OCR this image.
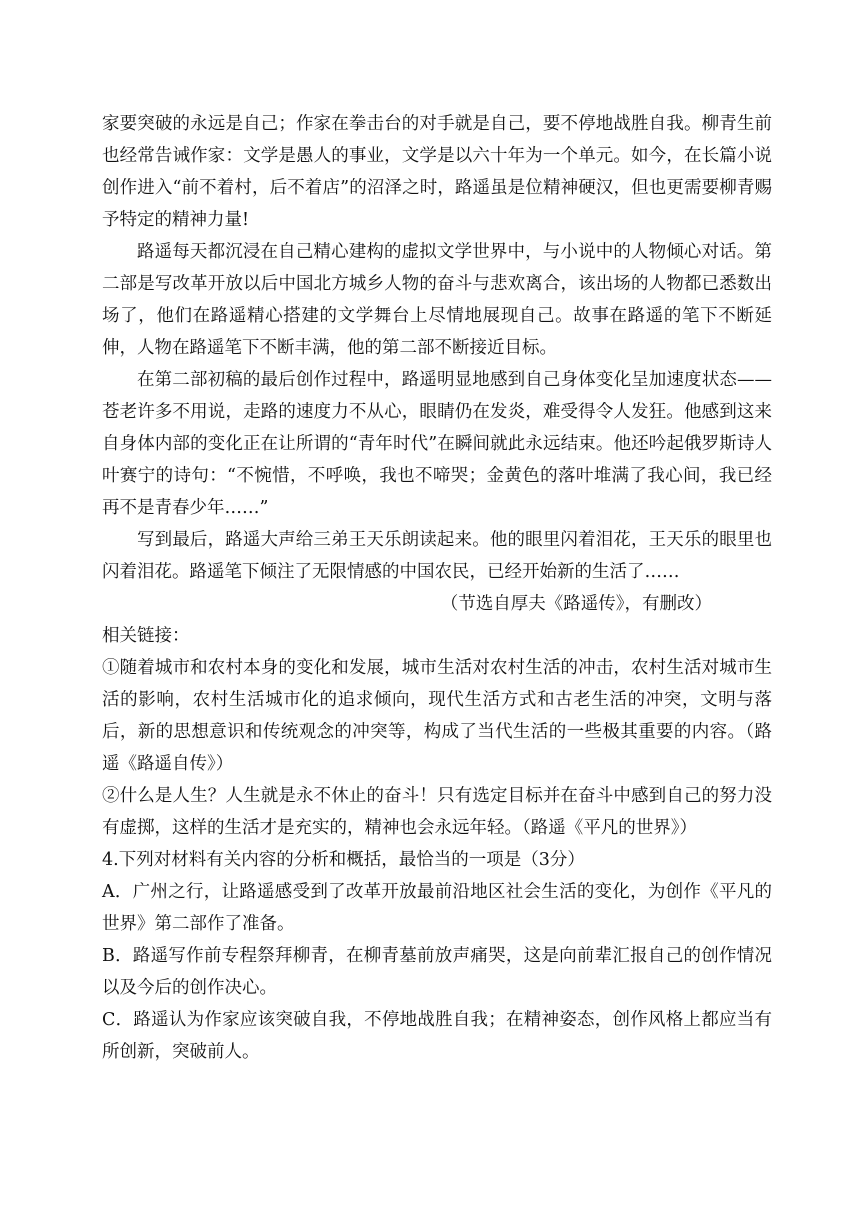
家要突破的永远是自己；作家在拳击台的对手就是自己，要不停地战胜自我。柳青生前也经常告诫作家：文学是愚人的事业，文学是以六十年为一个单元。如今，在长篇小说创作进入“前不着村，后不着店”的沼泽之时，路遥虽是位精神硬汉，但也更需要柳青赐予特定的精神力量!

路遥每天都沉浸在自己精心建构的虚拟文学世界中，与小说中的人物倾心对话。第二部是写改革开放以后中国北方城乡人物的奋斗与悲欢离合，该出场的人物都已悉数出场了，他们在路遥精心搭建的文学舞台上尽情地展现自己。故事在路遥的笔下不断延伸，人物在路遥笔下不断丰满，他的第二部不断接近目标。

在第二部初稿的最后创作过程中，路遥明显地感到自己身体变化呈加速度状态——苍老许多不用说，走路的速度力不从心，眼睛仍在发炎，难受得令人发狂。他感到这来自身体内部的变化正在让所谓的“青年时代”在瞬间就此永远结束。他还吟起俄罗斯诗人叶赛宁的诗句：“不惋惜，不呼唤，我也不啼哭；金黄色的落叶堆满了我心间，我已经再不是青春少年……”

写到最后，路遥大声给三弟王天乐朗读起来。他的眼里闪着泪花，王天乐的眼里也闪着泪花。路遥笔下倾注了无限情感的中国农民，已经开始新的生活了……

（节选自厚夫《路遥传》，有删改）

相关链接：

①随着城市和农村本身的变化和发展，城市生活对农村生活的冲击，农村生活对城市生活的影响，农村生活城市化的追求倾向，现代生活方式和古老生活的冲突，文明与落后，新的思想意识和传统观念的冲突等，构成了当代生活的一些极其重要的内容。（路遥《路遥自传》）

②什么是人生？人生就是永不休止的奋斗！只有选定目标并在奋斗中感到自己的努力没有虚掷，这样的生活才是充实的，精神也会永远年轻。（路遥《平凡的世界》）

4.下列对材料有关内容的分析和概括，最恰当的一项是（3分）

A．广州之行，让路遥感受到了改革开放最前沿地区社会生活的变化，为创作《平凡的世界》第二部作了准备。

B．路遥写作前专程祭拜柳青，在柳青墓前放声痛哭，这是向前辈汇报自己的创作情况以及今后的创作决心。

C．路遥认为作家应该突破自我，不停地战胜自我；在精神姿态，创作风格上都应当有所创新，突破前人。
